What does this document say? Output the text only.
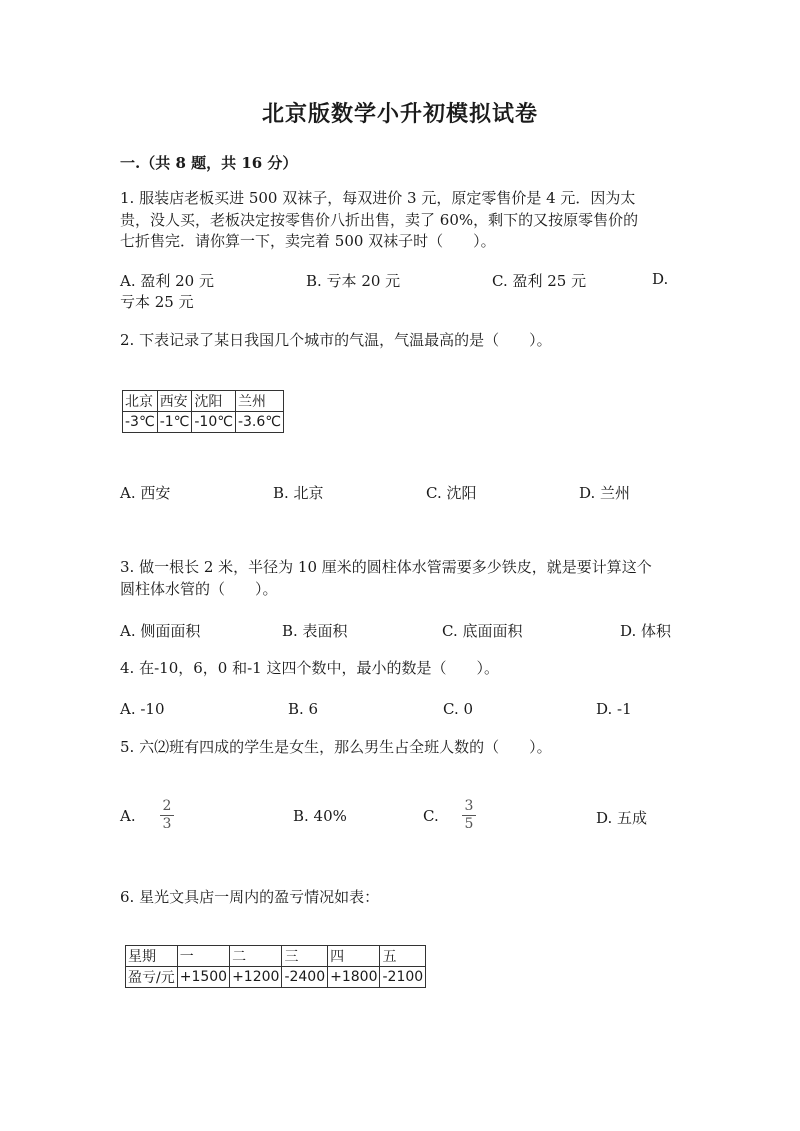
北京版数学小升初模拟试卷
一.（共 8 题，共 16 分）
1. 服装店老板买进 500 双袜子，每双进价 3 元，原定零售价是 4 元．因为太
贵，没人买，老板决定按零售价八折出售，卖了 60%，剩下的又按原零售价的
七折售完．请你算一下，卖完着 500 双袜子时（　　）。
A. 盈利 20 元	B. 亏本 20 元	C. 盈利 25 元	D.
亏本 25 元
2. 下表记录了某日我国几个城市的气温，气温最高的是（　　）。
北京	西安	沈阳	兰州
-3℃	-1℃	-10℃	-3.6℃
A. 西安	B. 北京	C. 沈阳	D. 兰州
3. 做一根长 2 米，半径为 10 厘米的圆柱体水管需要多少铁皮，就是要计算这个
圆柱体水管的（　　）。
A. 侧面面积	B. 表面积	C. 底面面积	D. 体积
4. 在-10，6，0 和-1 这四个数中，最小的数是（　　）。
A. -10	B. 6	C. 0	D. -1
5. 六⑵班有四成的学生是女生，那么男生占全班人数的（　　）。
A.
2
3	B. 40%	C.
3
5	D. 五成
6. 星光文具店一周内的盈亏情况如表：
星期	一	二	三	四	五
盈亏/元	+1500	+1200	-2400	+1800	-2100
